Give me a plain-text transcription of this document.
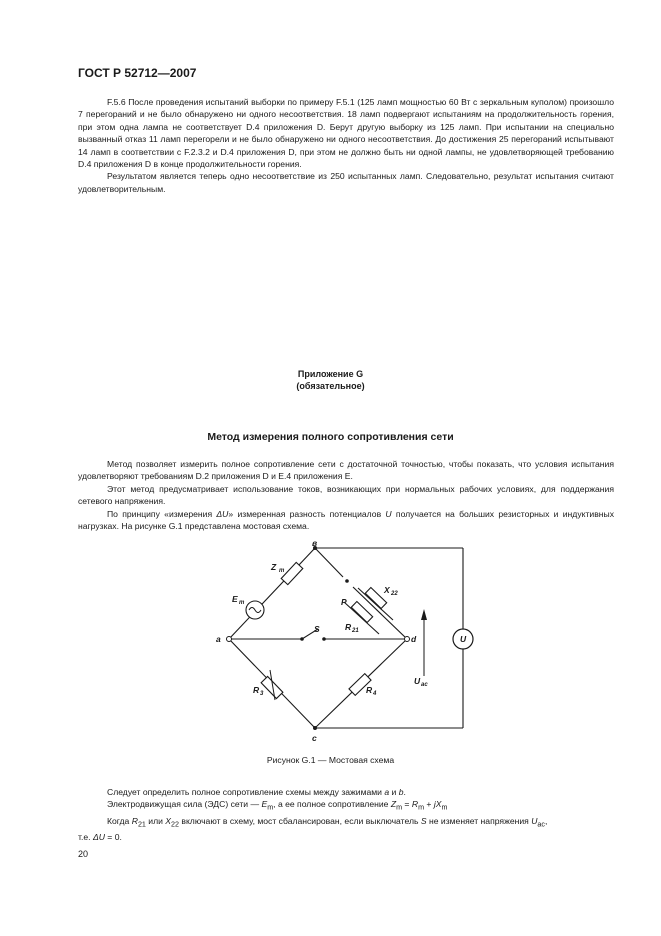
ГОСТ Р 52712—2007

F.5.6 После проведения испытаний выборки по примеру F.5.1 (125 ламп мощностью 60 Вт с зеркальным куполом) произошло 7 перегораний и не было обнаружено ни одного несоответствия. 18 ламп подвергают испытаниям на продолжительность горения, при этом одна лампа не соответствует D.4 приложения D. Берут другую выборку из 125 ламп. При испытании на специально вызванный отказ 11 ламп перегорели и не было обнаружено ни одного несоответствия. До достижения 25 перегораний испытывают 14 ламп в соответствии с F.2.3.2 и D.4 приложения D, при этом не должно быть ни одной лампы, не удовлетворяющей требованию D.4 приложения D в конце продолжительности горения.

Результатом является теперь одно несоответствие из 250 испытанных ламп. Следовательно, результат испытания считают удовлетворительным.

Приложение G
(обязательное)
Метод измерения полного сопротивления сети

Метод позволяет измерить полное сопротивление сети с достаточной точностью, чтобы показать, что условия испытания удовлетворяют требованиям D.2 приложения D и E.4 приложения E.

Этот метод предусматривает использование токов, возникающих при нормальных рабочих условиях, для поддержания сетевого напряжения.

По принципу «измерения ΔU» измеренная разность потенциалов U получается на больших резисторных и индуктивных нагрузках. На рисунке G.1 представлена мостовая схема.

в
а	d
с
Z m
E m
X 22
R 21
R 3	R 4
P
S
U ac
U
Рисунок G.1 — Мостовая схема

Следует определить полное сопротивление схемы между зажимами a и b.

Электродвижущая сила (ЭДС) сети — $E_m$, а ее полное сопротивление $Z_m = R_m + jX_m$

Когда $R_{21}$ или $X_{22}$ включают в схему, мост сбалансирован, если выключатель S не изменяет напряжения $U_{ac}$,

т.е. ΔU = 0.

20
